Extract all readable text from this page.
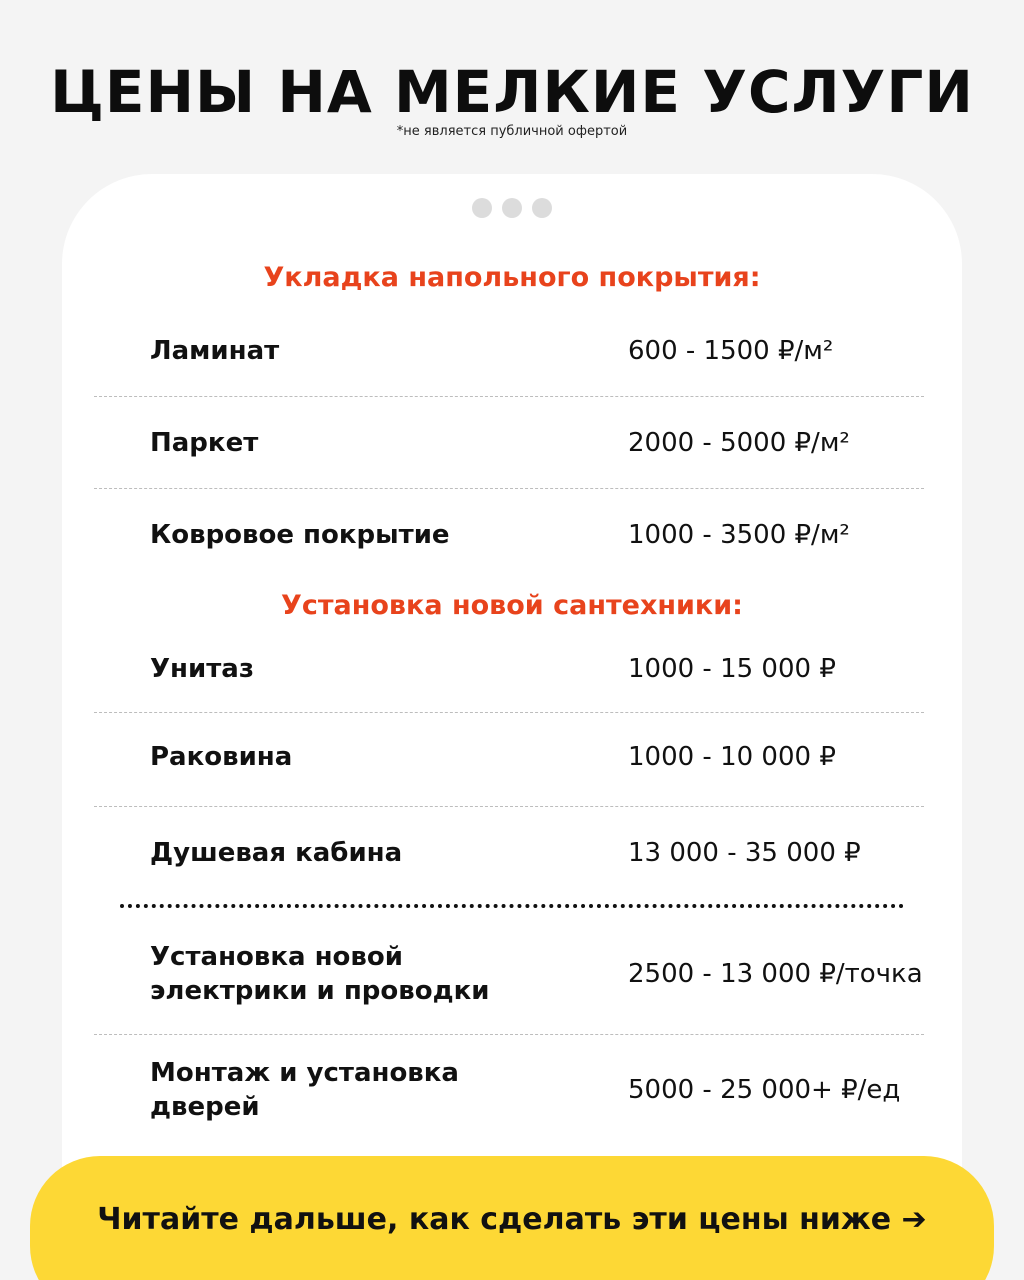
ЦЕНЫ НА МЕЛКИЕ УСЛУГИ
*не является публичной офертой
Укладка напольного покрытия:
Ламинат	600 - 1500 ₽/м²
Паркет	2000 - 5000 ₽/м²
Ковровое покрытие	1000 - 3500 ₽/м²
Установка новой сантехники:
Унитаз	1000 - 15 000 ₽
Раковина	1000 - 10 000 ₽
Душевая кабина	13 000 - 35 000 ₽
Установка новой
электрики и проводки
2500 - 13 000 ₽/точка
Монтаж и установка
дверей
5000 - 25 000+ ₽/ед
Читайте дальше, как сделать эти цены ниже ➔
